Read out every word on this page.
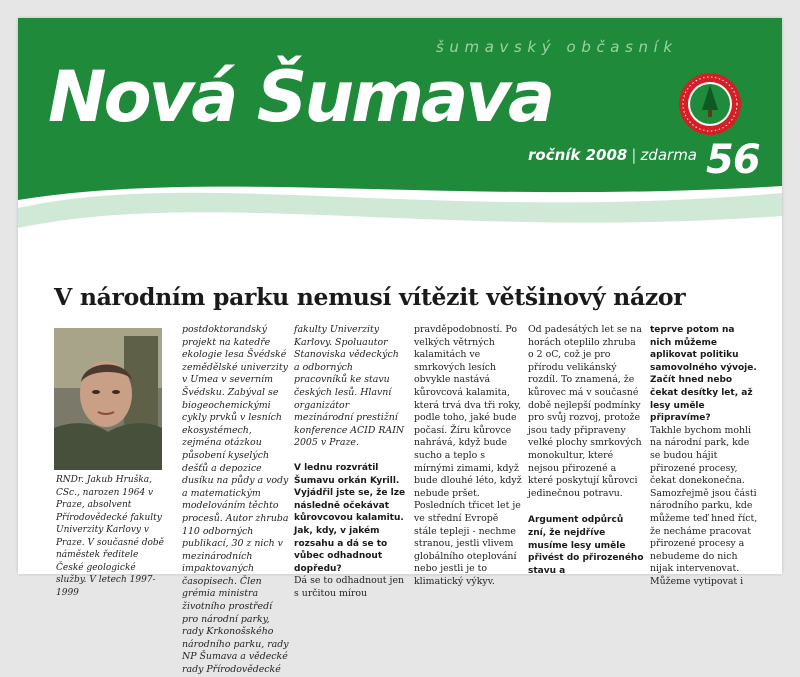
šumavský občasník
Nová Šumava
ročník 2008 | zdarma 56
V národním parku nemusí vítězit většinový názor
RNDr. Jakub Hruška, CSc., narozen 1964 v Praze, absolvent Přírodovědecké fakulty Univerzity Karlovy v Praze. V současné době náměstek ředitele České geologické služby. V letech 1997-1999

postdoktorandský projekt na katedře ekologie lesa Švédské zemědělské univerzity v Umea v severním Švédsku. Zabýval se biogeochemickými cykly prvků v lesních ekosystémech, zejména otázkou působení kyselých dešťů a depozice dusíku na půdy a vody a matematickým modelováním těchto procesů. Autor zhruba 110 odborných publikací, 30 z nich v mezinárodních impaktovaných časopisech. Člen grémia ministra životního prostředí pro národní parky, rady Krkonošského národního parku, rady NP Šumava a vědecké rady Přírodovědecké

fakulty Univerzity Karlovy. Spoluautor Stanoviska vědeckých a odborných pracovníků ke stavu českých lesů. Hlavní organizátor mezinárodní prestižní konference ACID RAIN 2005 v Praze.

V lednu rozvrátil Šumavu orkán Kyrill. Vyjádřil jste se, že lze následně očekávat kůrovcovou kalamitu. Jak, kdy, v jakém rozsahu a dá se to vůbec odhadnout dopředu?

Dá se to odhadnout jen s určitou mírou

pravděpodobností. Po velkých větrných kalamitách ve smrkových lesích obvykle nastává kůrovcová kalamita, která trvá dva tři roky, podle toho, jaké bude počasí. Žíru kůrovce nahrává, když bude sucho a teplo s mírnými zimami, když bude dlouhé léto, když nebude pršet. Posledních třicet let je ve střední Evropě stále tepleji - nechme stranou, jestli vlivem globálního oteplování nebo jestli je to klimatický výkyv.

Od padesátých let se na horách oteplilo zhruba o 2 oC, což je pro přírodu velikánský rozdíl. To znamená, že kůrovec má v současné době nejlepší podmínky pro svůj rozvoj, protože jsou tady připraveny velké plochy smrkových monokultur, které nejsou přirozené a které poskytují kůrovci jedinečnou potravu.

Argument odpůrců zní, že nejdříve musíme lesy uměle přivést do přirozeného stavu a

teprve potom na nich můžeme aplikovat politiku samovolného vývoje. Začít hned nebo čekat desítky let, až lesy uměle připravíme?

Takhle bychom mohli na národní park, kde se budou hájit přirozené procesy, čekat donekonečna. Samozřejmě jsou části národního parku, kde můžeme teď hned říct, že necháme pracovat přirozené procesy a nebudeme do nich nijak intervenovat. Můžeme vytipovat i
